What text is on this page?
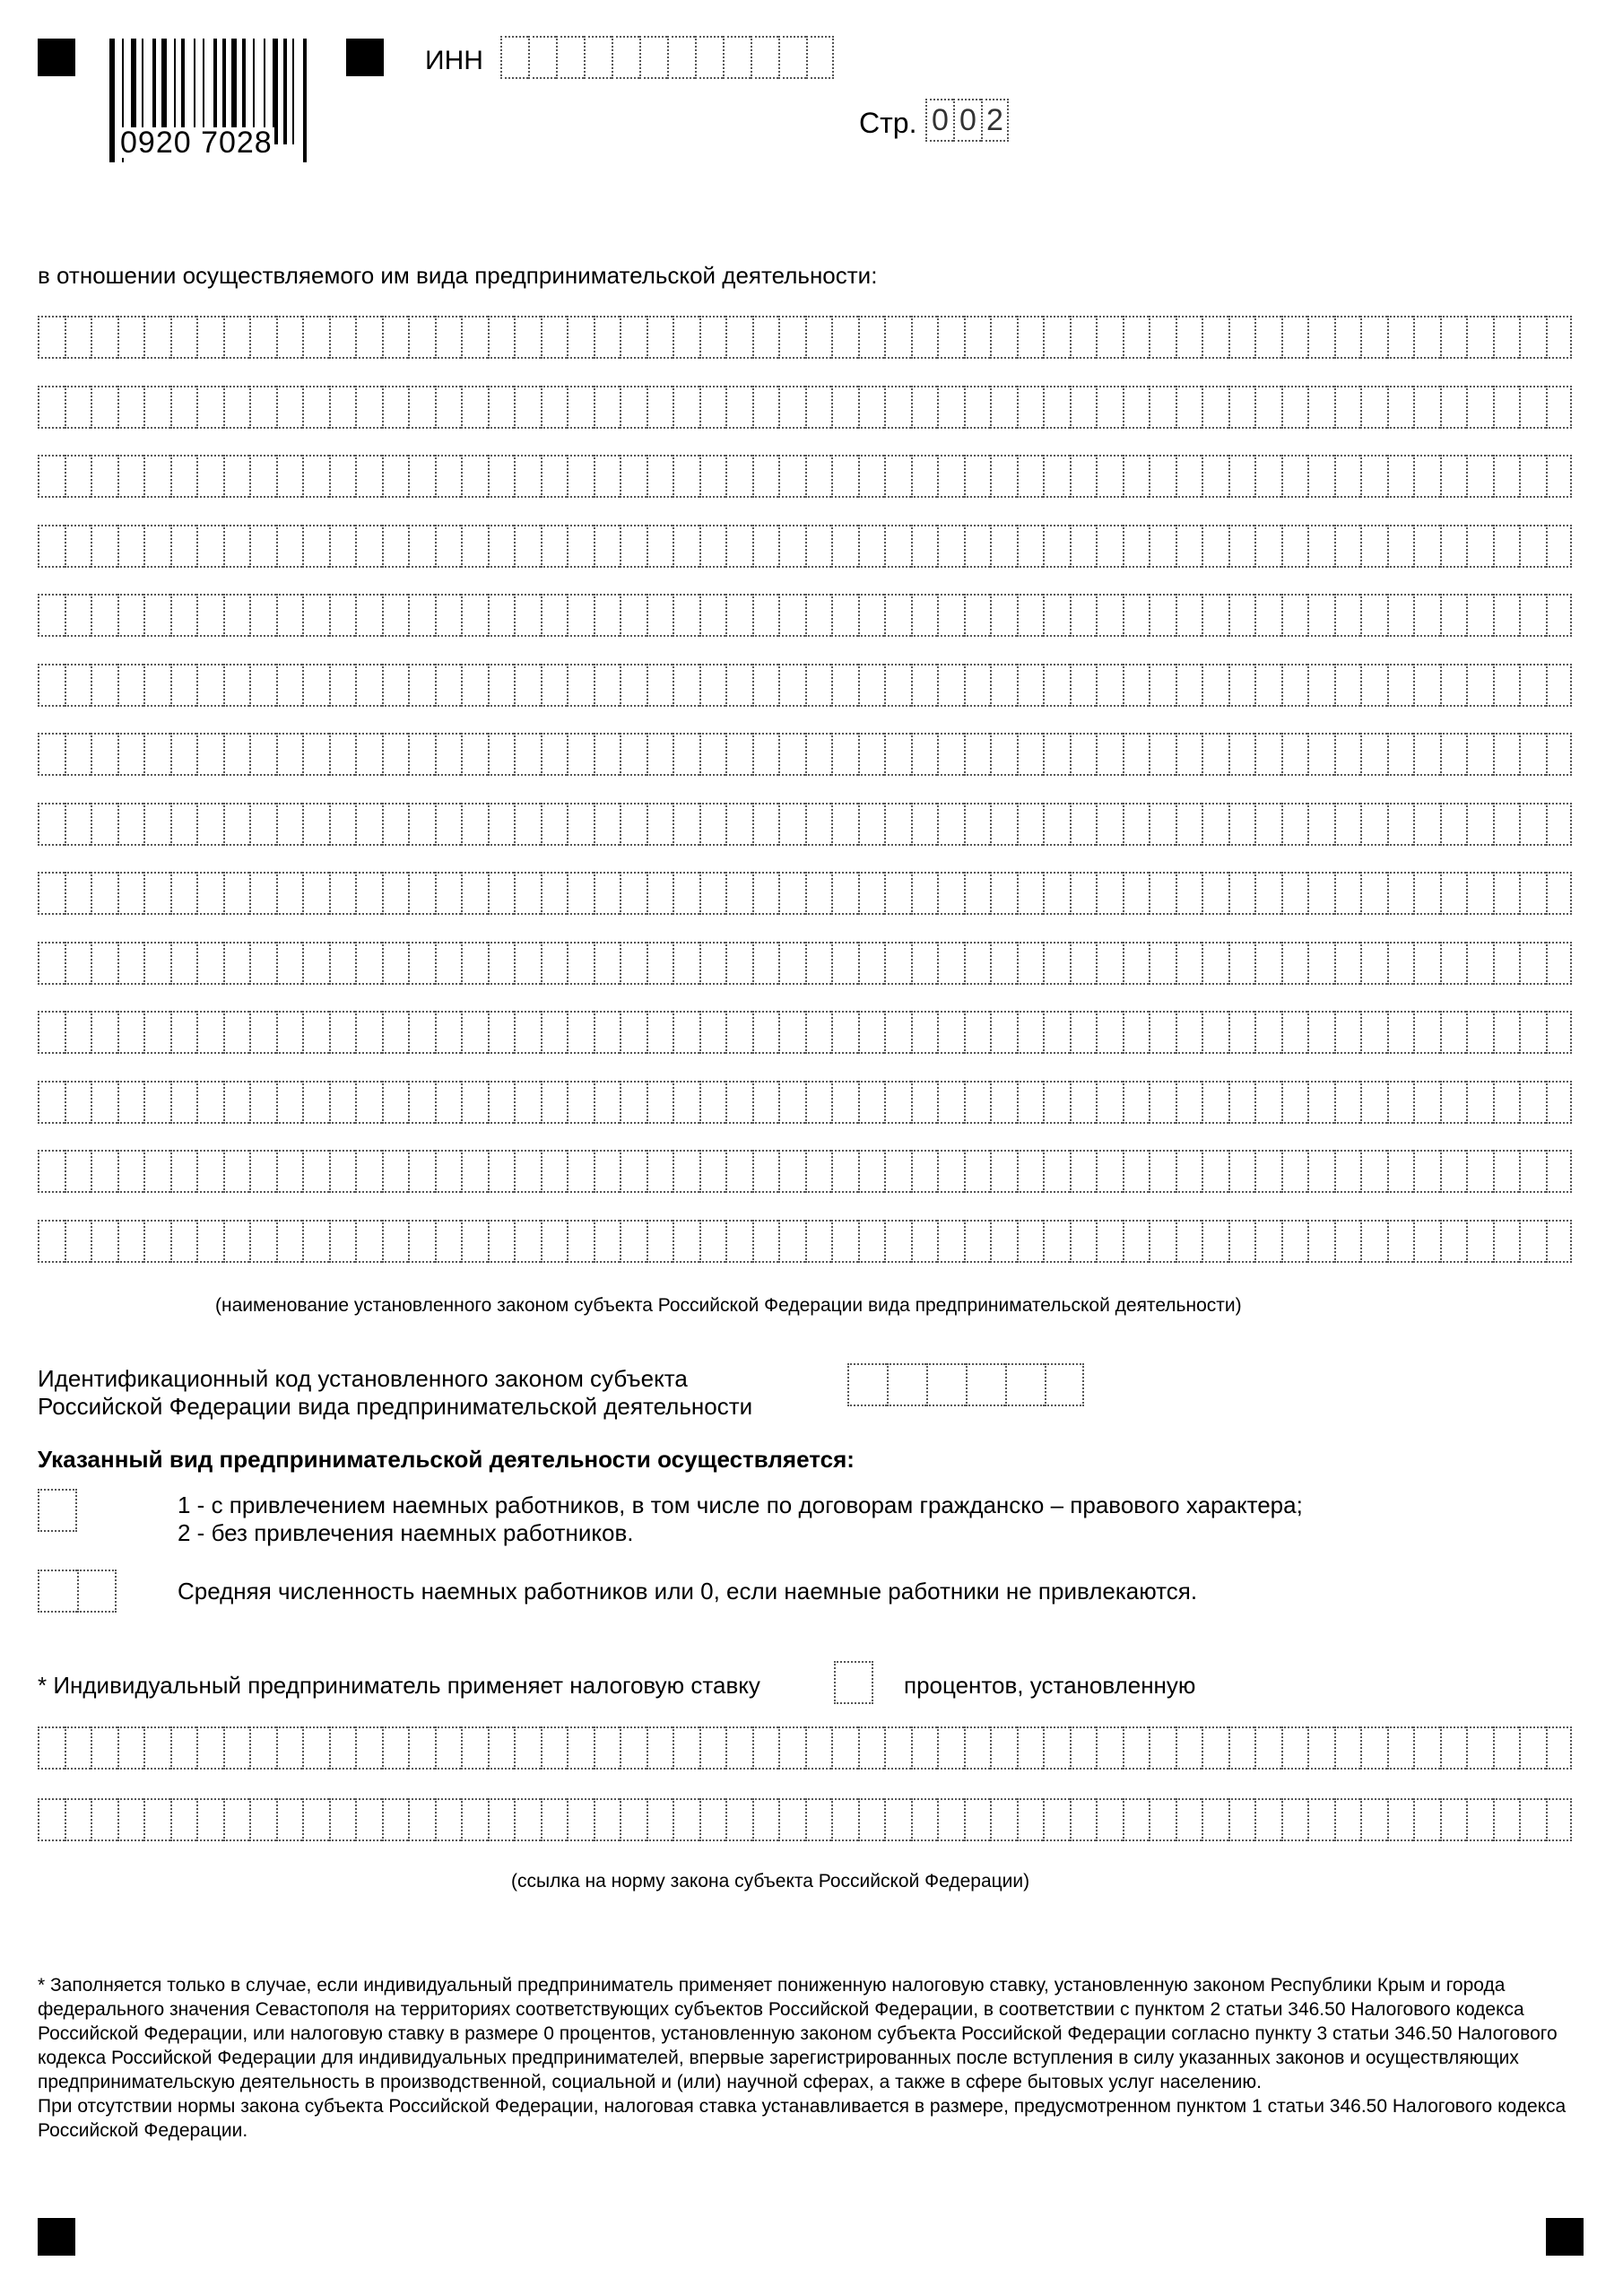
0920 7028
ИНН
Стр. 0 0 2
в отношении осуществляемого им вида предпринимательской деятельности:
(наименование установленного законом субъекта Российской Федерации вида предпринимательской деятельности)
Идентификационный код установленного законом субъекта
Российской Федерации вида предпринимательской деятельности
Указанный вид предпринимательской деятельности осуществляется:
1 - с привлечением наемных работников, в том числе по договорам гражданско – правового характера;
2 - без привлечения наемных работников.
Средняя численность наемных работников или 0, если наемные работники не привлекаются.
* Индивидуальный предприниматель применяет налоговую ставку	процентов, установленную
(ссылка на норму закона субъекта Российской Федерации)

* Заполняется только в случае, если индивидуальный предприниматель применяет пониженную налоговую ставку, установленную законом Республики Крым и города федерального значения Севастополя на территориях соответствующих субъектов Российской Федерации, в соответствии с пунктом 2 статьи 346.50 Налогового кодекса Российской Федерации, или налоговую ставку в размере 0 процентов, установленную законом субъекта Российской Федерации согласно пункту 3 статьи 346.50 Налогового кодекса Российской Федерации для индивидуальных предпринимателей, впервые зарегистрированных после вступления в силу указанных законов и осуществляющих предпринимательскую деятельность в производственной, социальной и (или) научной сферах, а также в сфере бытовых услуг населению.

При отсутствии нормы закона субъекта Российской Федерации, налоговая ставка устанавливается в размере, предусмотренном пунктом 1 статьи 346.50 Налогового кодекса Российской Федерации.
